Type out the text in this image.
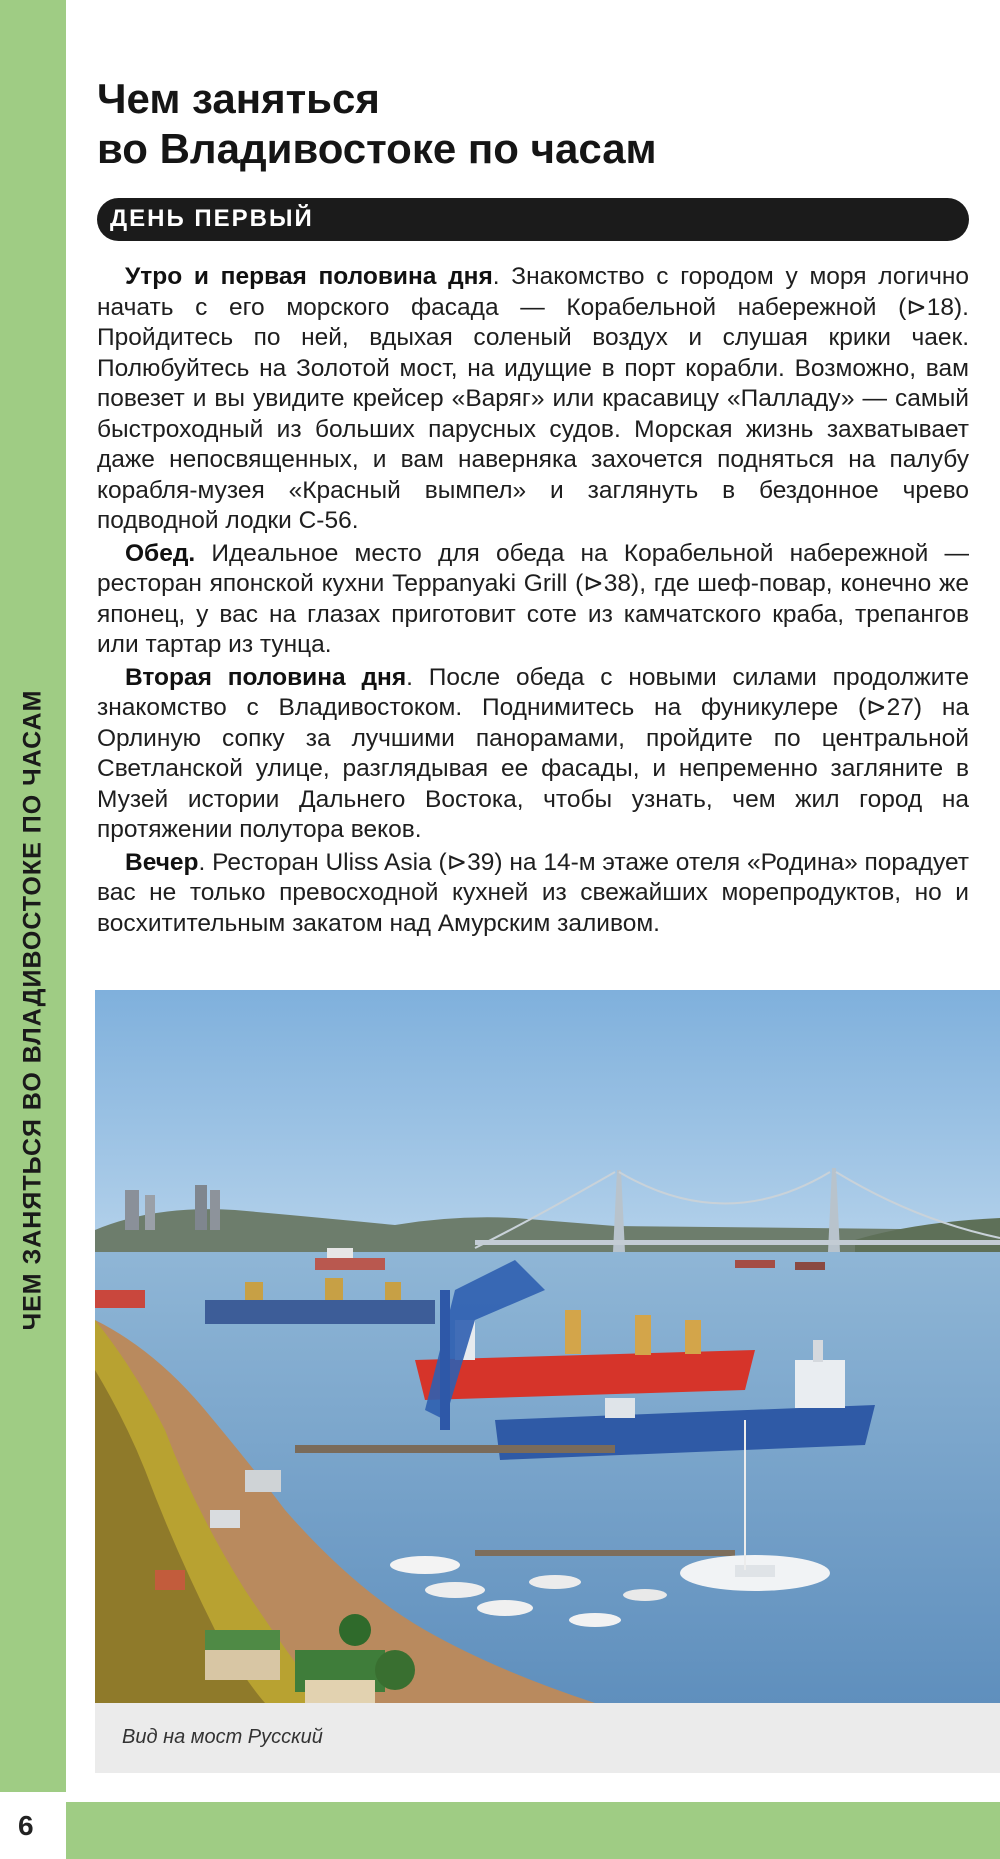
ЧЕМ ЗАНЯТЬСЯ ВО ВЛАДИВОСТОКЕ ПО ЧАСАМ
6
Чем заняться
во Владивостоке по часам
ДЕНЬ ПЕРВЫЙ

Утро и первая половина дня. Знакомство с городом у моря логично начать с его морского фасада — Корабельной набережной (⊳18). Пройдитесь по ней, вдыхая соленый воздух и слушая крики чаек. Полюбуйтесь на Золотой мост, на идущие в порт корабли. Возможно, вам повезет и вы увидите крейсер «Варяг» или красавицу «Палладу» — самый быстроходный из больших парусных судов. Морская жизнь захватывает даже непосвященных, и вам наверняка захочется подняться на палубу корабля-музея «Красный вымпел» и заглянуть в бездонное чрево подводной лодки С-56.

Обед. Идеальное место для обеда на Корабельной набережной — ресторан японской кухни Teppanyaki Grill (⊳38), где шеф-повар, конечно же японец, у вас на глазах приготовит соте из камчатского краба, трепангов или тартар из тунца.

Вторая половина дня. После обеда с новыми силами продолжите знакомство с Владивостоком. Поднимитесь на фуникулере (⊳27) на Орлиную сопку за лучшими панорамами, пройдите по центральной Светланской улице, разглядывая ее фасады, и непременно загляните в Музей истории Дальнего Востока, чтобы узнать, чем жил город на протяжении полутора веков.

Вечер. Ресторан Uliss Asia (⊳39) на 14-м этаже отеля «Родина» порадует вас не только превосходной кухней из свежайших морепродуктов, но и восхитительным закатом над Амурским заливом.

Вид на мост Русский
